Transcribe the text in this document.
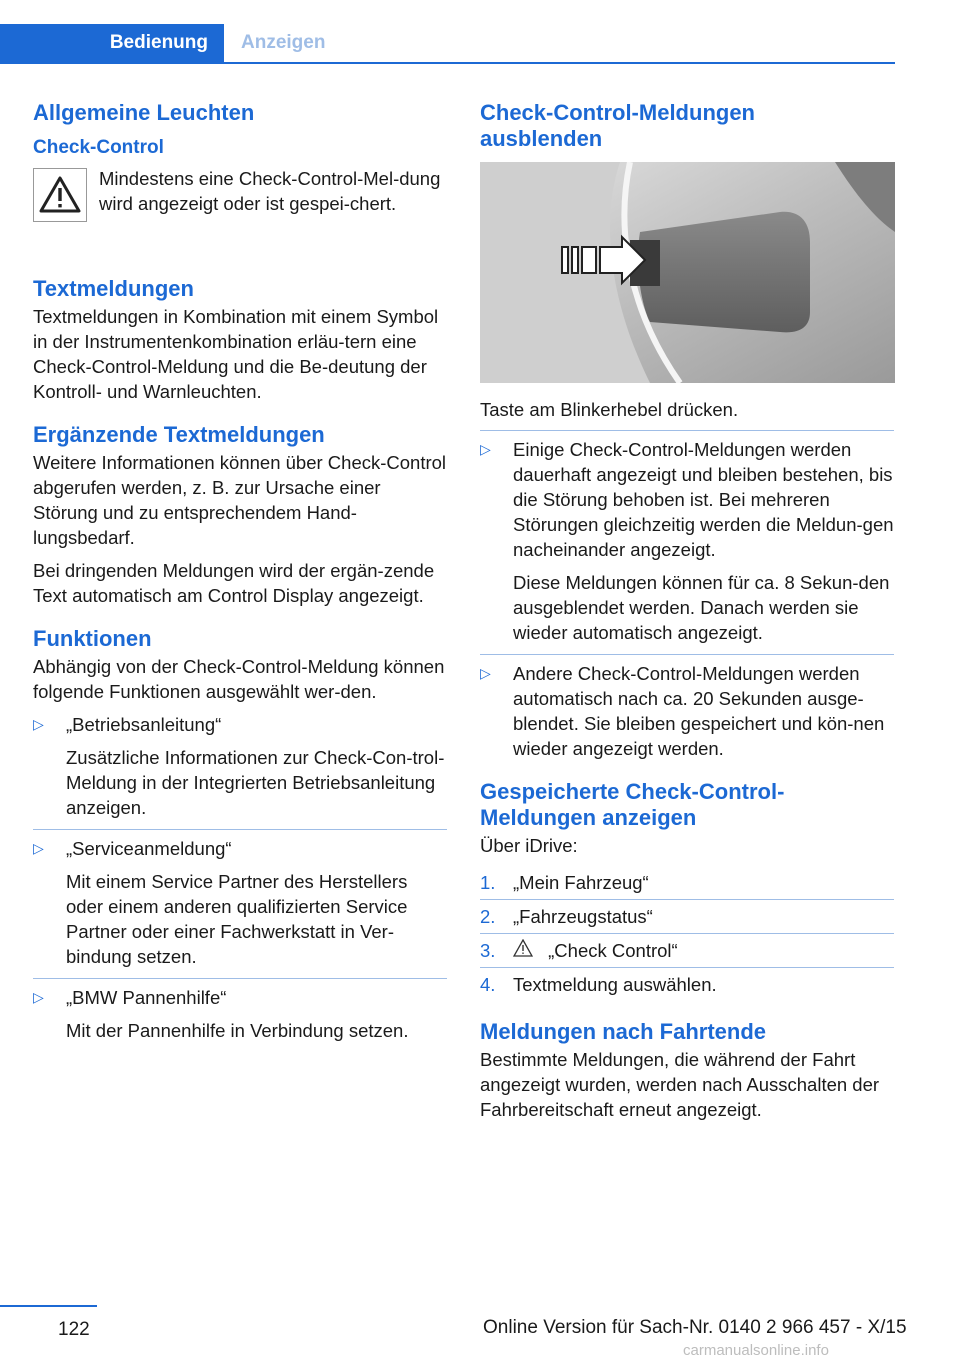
Bedienung	Anzeigen
Allgemeine Leuchten
Check-Control
Mindestens eine Check-Control-Mel-dung wird angezeigt oder ist gespei-chert.
Textmeldungen

Textmeldungen in Kombination mit einem Symbol in der Instrumentenkombination erläu-tern eine Check-Control-Meldung und die Be-deutung der Kontroll- und Warnleuchten.

Ergänzende Textmeldungen

Weitere Informationen können über Check-Control abgerufen werden, z. B. zur Ursache einer Störung und zu entsprechendem Hand-lungsbedarf.

Bei dringenden Meldungen wird der ergän-zende Text automatisch am Control Display angezeigt.

Funktionen

Abhängig von der Check-Control-Meldung können folgende Funktionen ausgewählt wer-den.

▷ „Betriebsanleitung“
Zusätzliche Informationen zur Check-Con-trol-Meldung in der Integrierten Betriebsanleitung anzeigen.
▷ „Serviceanmeldung“
Mit einem Service Partner des Herstellers oder einem anderen qualifizierten Service Partner oder einer Fachwerkstatt in Ver-bindung setzen.
▷ „BMW Pannenhilfe“
Mit der Pannenhilfe in Verbindung setzen.
Check-Control-Meldungen ausblenden

Taste am Blinkerhebel drücken.

▷ Einige Check-Control-Meldungen werden dauerhaft angezeigt und bleiben bestehen, bis die Störung behoben ist. Bei mehreren Störungen gleichzeitig werden die Meldun-gen nacheinander angezeigt.
Diese Meldungen können für ca. 8 Sekun-den ausgeblendet werden. Danach werden sie wieder automatisch angezeigt.
▷ Andere Check-Control-Meldungen werden automatisch nach ca. 20 Sekunden ausge-blendet. Sie bleiben gespeichert und kön-nen wieder angezeigt werden.
Gespeicherte Check-Control-Meldungen anzeigen

Über iDrive:

1. „Mein Fahrzeug“
2. „Fahrzeugstatus“
3.	„Check Control“
4. Textmeldung auswählen.
Meldungen nach Fahrtende

Bestimmte Meldungen, die während der Fahrt angezeigt wurden, werden nach Ausschalten der Fahrbereitschaft erneut angezeigt.

122	Online Version für Sach-Nr. 0140 2 966 457 - X/15
carmanualsonline.info
